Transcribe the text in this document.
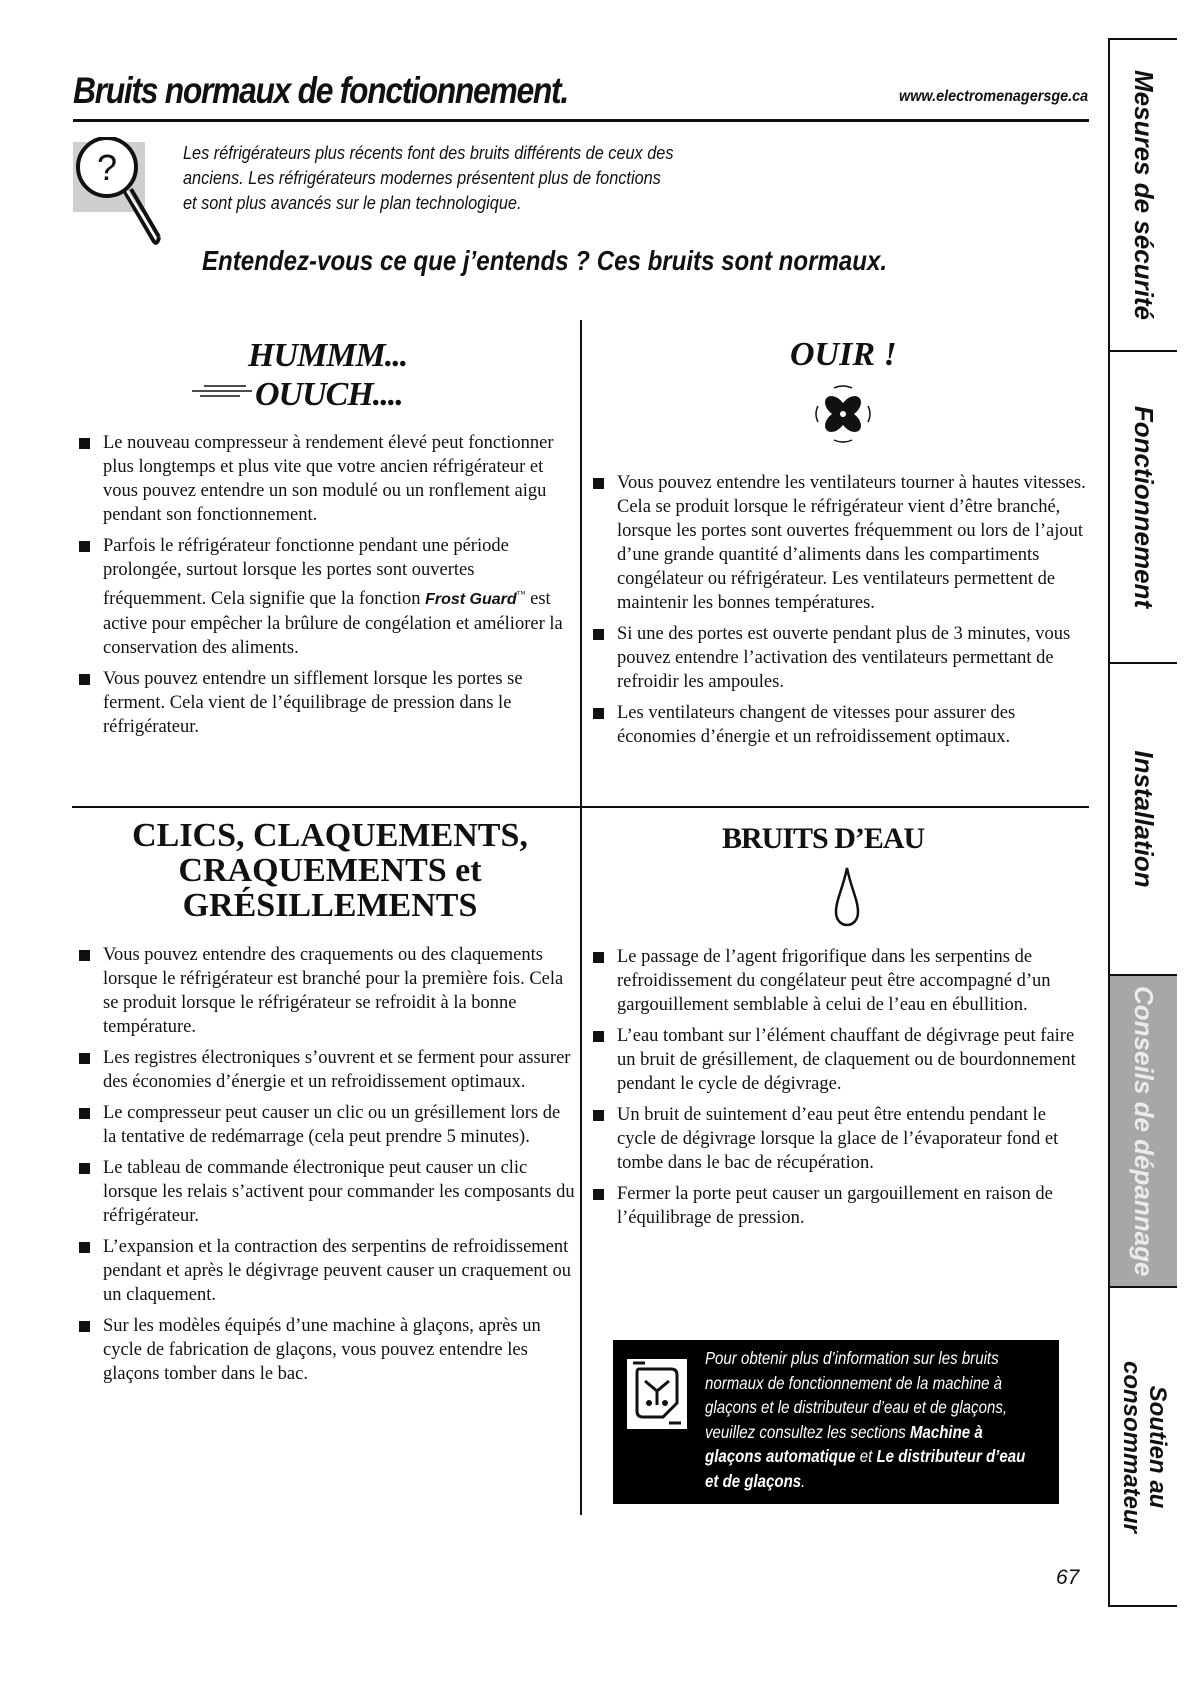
Bruits normaux de fonctionnement.	www.electromenagersge.ca
?	Les réfrigérateurs plus récents font des bruits différents de ceux des anciens. Les réfrigérateurs modernes présentent plus de fonctions et sont plus avancés sur le plan technologique.
Entendez-vous ce que j’entends ? Ces bruits sont normaux.
HUMMM...
OUUCH....
Le nouveau compresseur à rendement élevé peut fonctionner plus longtemps et plus vite que votre ancien réfrigérateur et vous pouvez entendre un son modulé ou un ronflement aigu pendant son fonctionnement.
Parfois le réfrigérateur fonctionne pendant une période prolongée, surtout lorsque les portes sont ouvertes fréquemment. Cela signifie que la fonction Frost Guard™ est active pour empêcher la brûlure de congélation et améliorer la conservation des aliments.
Vous pouvez entendre un sifflement lorsque les portes se ferment. Cela vient de l’équilibrage de pression dans le réfrigérateur.
OUIR !
Vous pouvez entendre les ventilateurs tourner à hautes vitesses. Cela se produit lorsque le réfrigérateur vient d’être branché, lorsque les portes sont ouvertes fréquemment ou lors de l’ajout d’une grande quantité d’aliments dans les compartiments congélateur ou réfrigérateur. Les ventilateurs permettent de maintenir les bonnes températures.
Si une des portes est ouverte pendant plus de 3 minutes, vous pouvez entendre l’activation des ventilateurs permettant de refroidir les ampoules.
Les ventilateurs changent de vitesses pour assurer des économies d’énergie et un refroidissement optimaux.
CLICS, CLAQUEMENTS,
CRAQUEMENTS et
GRÉSILLEMENTS
Vous pouvez entendre des craquements ou des claquements lorsque le réfrigérateur est branché pour la première fois. Cela se produit lorsque le réfrigérateur se refroidit à la bonne température.
Les registres électroniques s’ouvrent et se ferment pour assurer des économies d’énergie et un refroidissement optimaux.
Le compresseur peut causer un clic ou un grésillement lors de la tentative de redémarrage (cela peut prendre 5 minutes).
Le tableau de commande électronique peut causer un clic lorsque les relais s’activent pour commander les composants du réfrigérateur.
L’expansion et la contraction des serpentins de refroidissement pendant et après le dégivrage peuvent causer un craquement ou un claquement.
Sur les modèles équipés d’une machine à glaçons, après un cycle de fabrication de glaçons, vous pouvez entendre les glaçons tomber dans le bac.
BRUITS D’EAU
Le passage de l’agent frigorifique dans les serpentins de refroidissement du congélateur peut être accompagné d’un gargouillement semblable à celui de l’eau en ébullition.
L’eau tombant sur l’élément chauffant de dégivrage peut faire un bruit de grésillement, de claquement ou de bourdonnement pendant le cycle de dégivrage.
Un bruit de suintement d’eau peut être entendu pendant le cycle de dégivrage lorsque la glace de l’évaporateur fond et tombe dans le bac de récupération.
Fermer la porte peut causer un gargouillement en raison de l’équilibrage de pression.
Pour obtenir plus d’information sur les bruits normaux de fonctionnement de la machine à glaçons et le distributeur d’eau et de glaçons, veuillez consultez les sections Machine à glaçons automatique et Le distributeur d’eau et de glaçons.
67
Mesures de sécurité
Fonctionnement
Installation
Conseils de dépannage
Soutien au
consommateur
